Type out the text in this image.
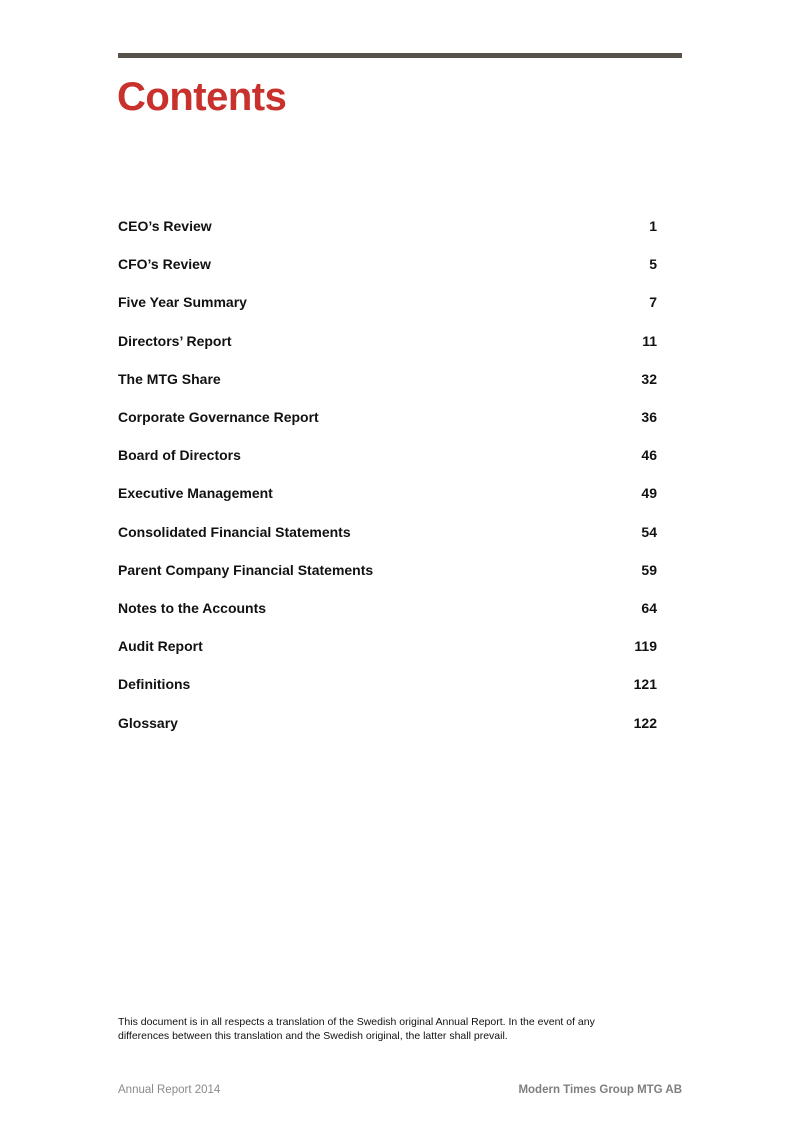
Contents
CEO’s Review	1
CFO’s Review	5
Five Year Summary	7
Directors’ Report	11
The MTG Share	32
Corporate Governance Report	36
Board of Directors	46
Executive Management	49
Consolidated Financial Statements	54
Parent Company Financial Statements	59
Notes to the Accounts	64
Audit Report	119
Definitions	121
Glossary	122

This document is in all respects a translation of the Swedish original Annual Report. In the event of any differences between this translation and the Swedish original, the latter shall prevail.

Annual Report 2014	Modern Times Group MTG AB
